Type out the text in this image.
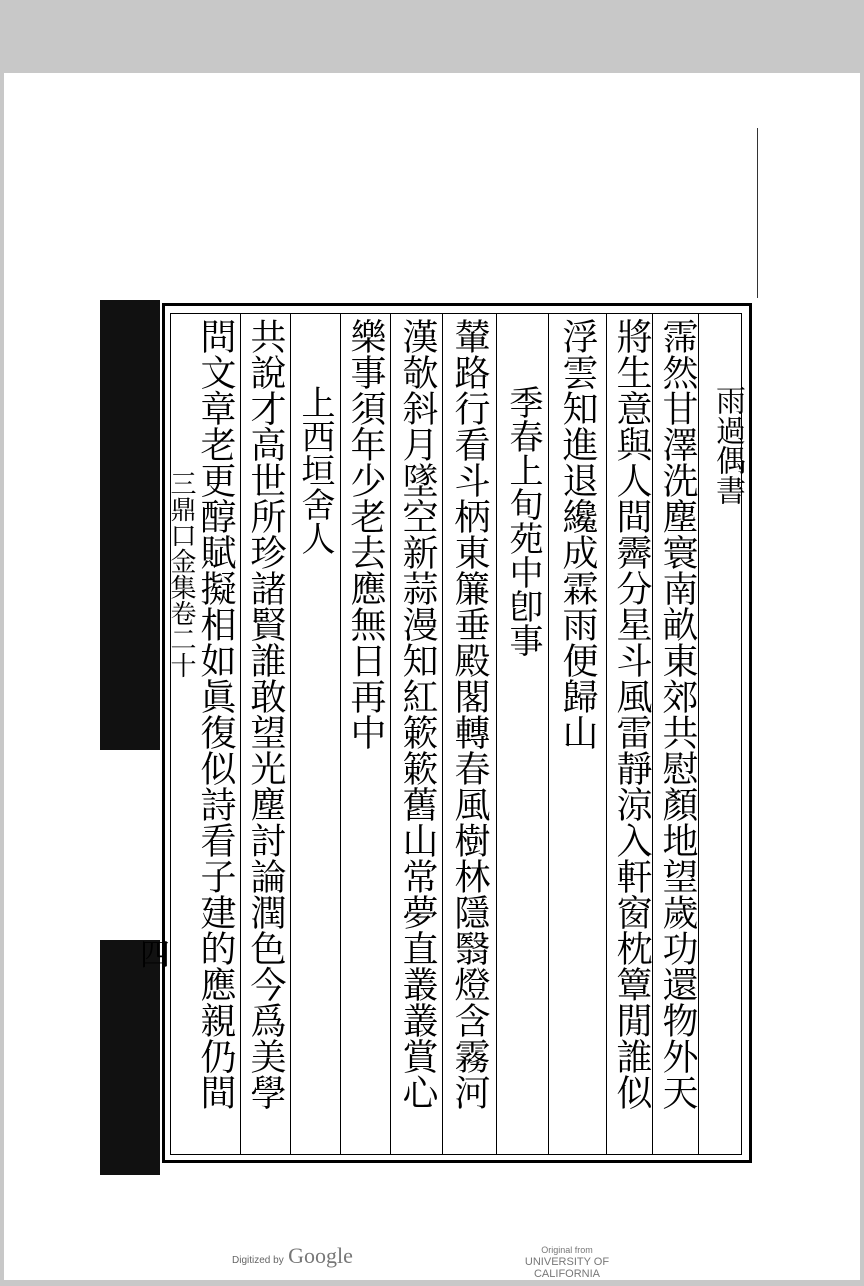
三鼎口金集卷二十
四
雨過偶書
霈然甘澤洗塵寰南畝東郊共慰顏地望歲功還物外天
將生意與人間霽分星斗風雷靜涼入軒窗枕簟閒誰似
浮雲知進退纔成霖雨便歸山
季春上旬苑中卽事
輦路行看斗柄東簾垂殿閣轉春風樹林隱翳燈含霧河
漢欹斜月墜空新蒜漫知紅簌簌舊山常夢直叢叢賞心
樂事須年少老去應無日再中
上西垣舍人
共說才高世所珍諸賢誰敢望光塵討論潤色今爲美學
問文章老更醇賦擬相如眞復似詩看子建的應親仍間
Digitized by Google	Original from
UNIVERSITY OF CALIFORNIA
